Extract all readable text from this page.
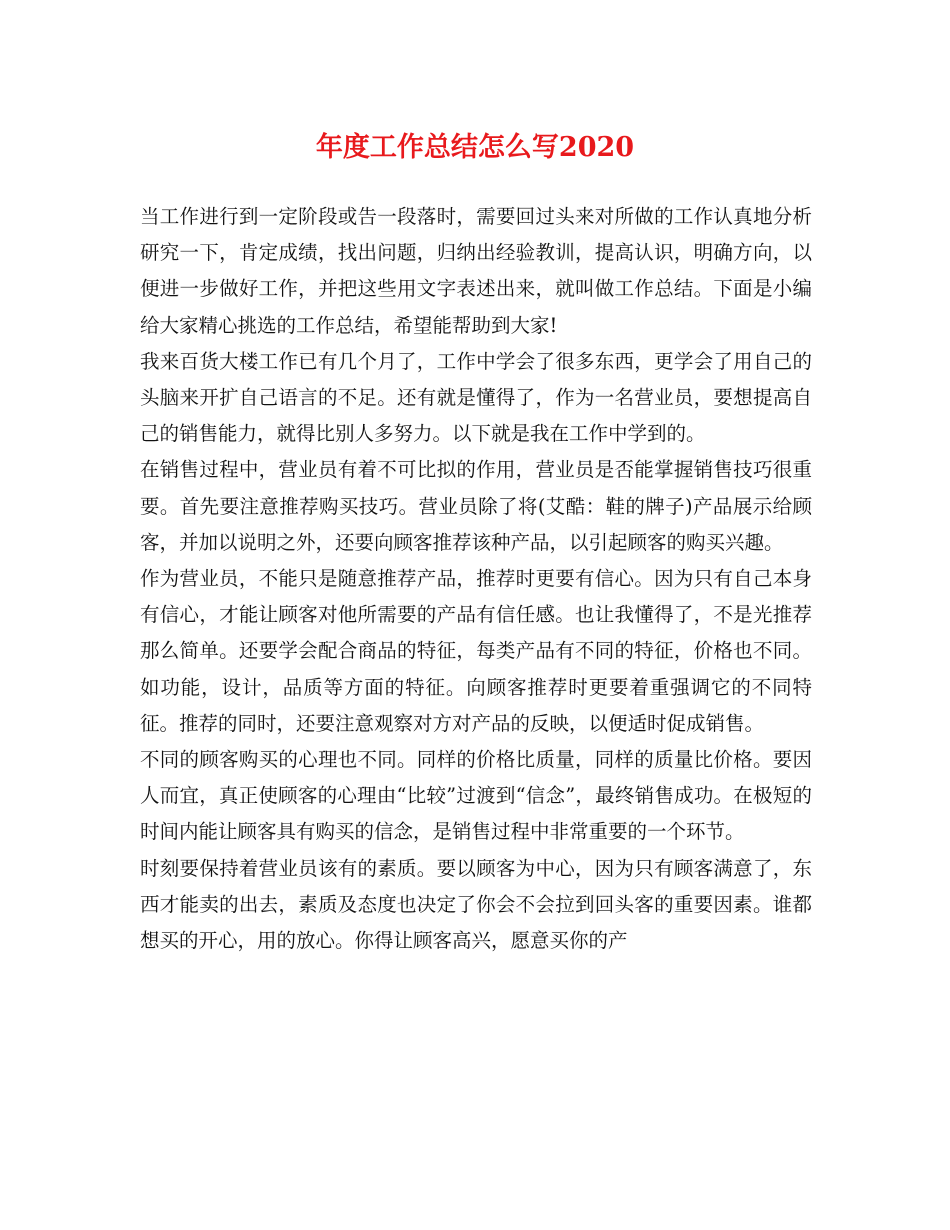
年度工作总结怎么写2020

当工作进行到一定阶段或告一段落时，需要回过头来对所做的工作认真地分析研究一下，肯定成绩，找出问题，归纳出经验教训，提高认识，明确方向，以便进一步做好工作，并把这些用文字表述出来，就叫做工作总结。下面是小编给大家精心挑选的工作总结，希望能帮助到大家!

我来百货大楼工作已有几个月了，工作中学会了很多东西，更学会了用自己的头脑来开扩自己语言的不足。还有就是懂得了，作为一名营业员，要想提高自己的销售能力，就得比别人多努力。以下就是我在工作中学到的。

在销售过程中，营业员有着不可比拟的作用，营业员是否能掌握销售技巧很重要。首先要注意推荐购买技巧。营业员除了将(艾酷：鞋的牌子)产品展示给顾客，并加以说明之外，还要向顾客推荐该种产品，以引起顾客的购买兴趣。

作为营业员，不能只是随意推荐产品，推荐时更要有信心。因为只有自己本身有信心，才能让顾客对他所需要的产品有信任感。也让我懂得了，不是光推荐那么简单。还要学会配合商品的特征，每类产品有不同的特征，价格也不同。如功能，设计，品质等方面的特征。向顾客推荐时更要着重强调它的不同特征。推荐的同时，还要注意观察对方对产品的反映，以便适时促成销售。

不同的顾客购买的心理也不同。同样的价格比质量，同样的质量比价格。要因人而宜，真正使顾客的心理由“比较”过渡到“信念”，最终销售成功。在极短的时间内能让顾客具有购买的信念，是销售过程中非常重要的一个环节。

时刻要保持着营业员该有的素质。要以顾客为中心，因为只有顾客满意了，东西才能卖的出去，素质及态度也决定了你会不会拉到回头客的重要因素。谁都想买的开心，用的放心。你得让顾客高兴，愿意买你的产
